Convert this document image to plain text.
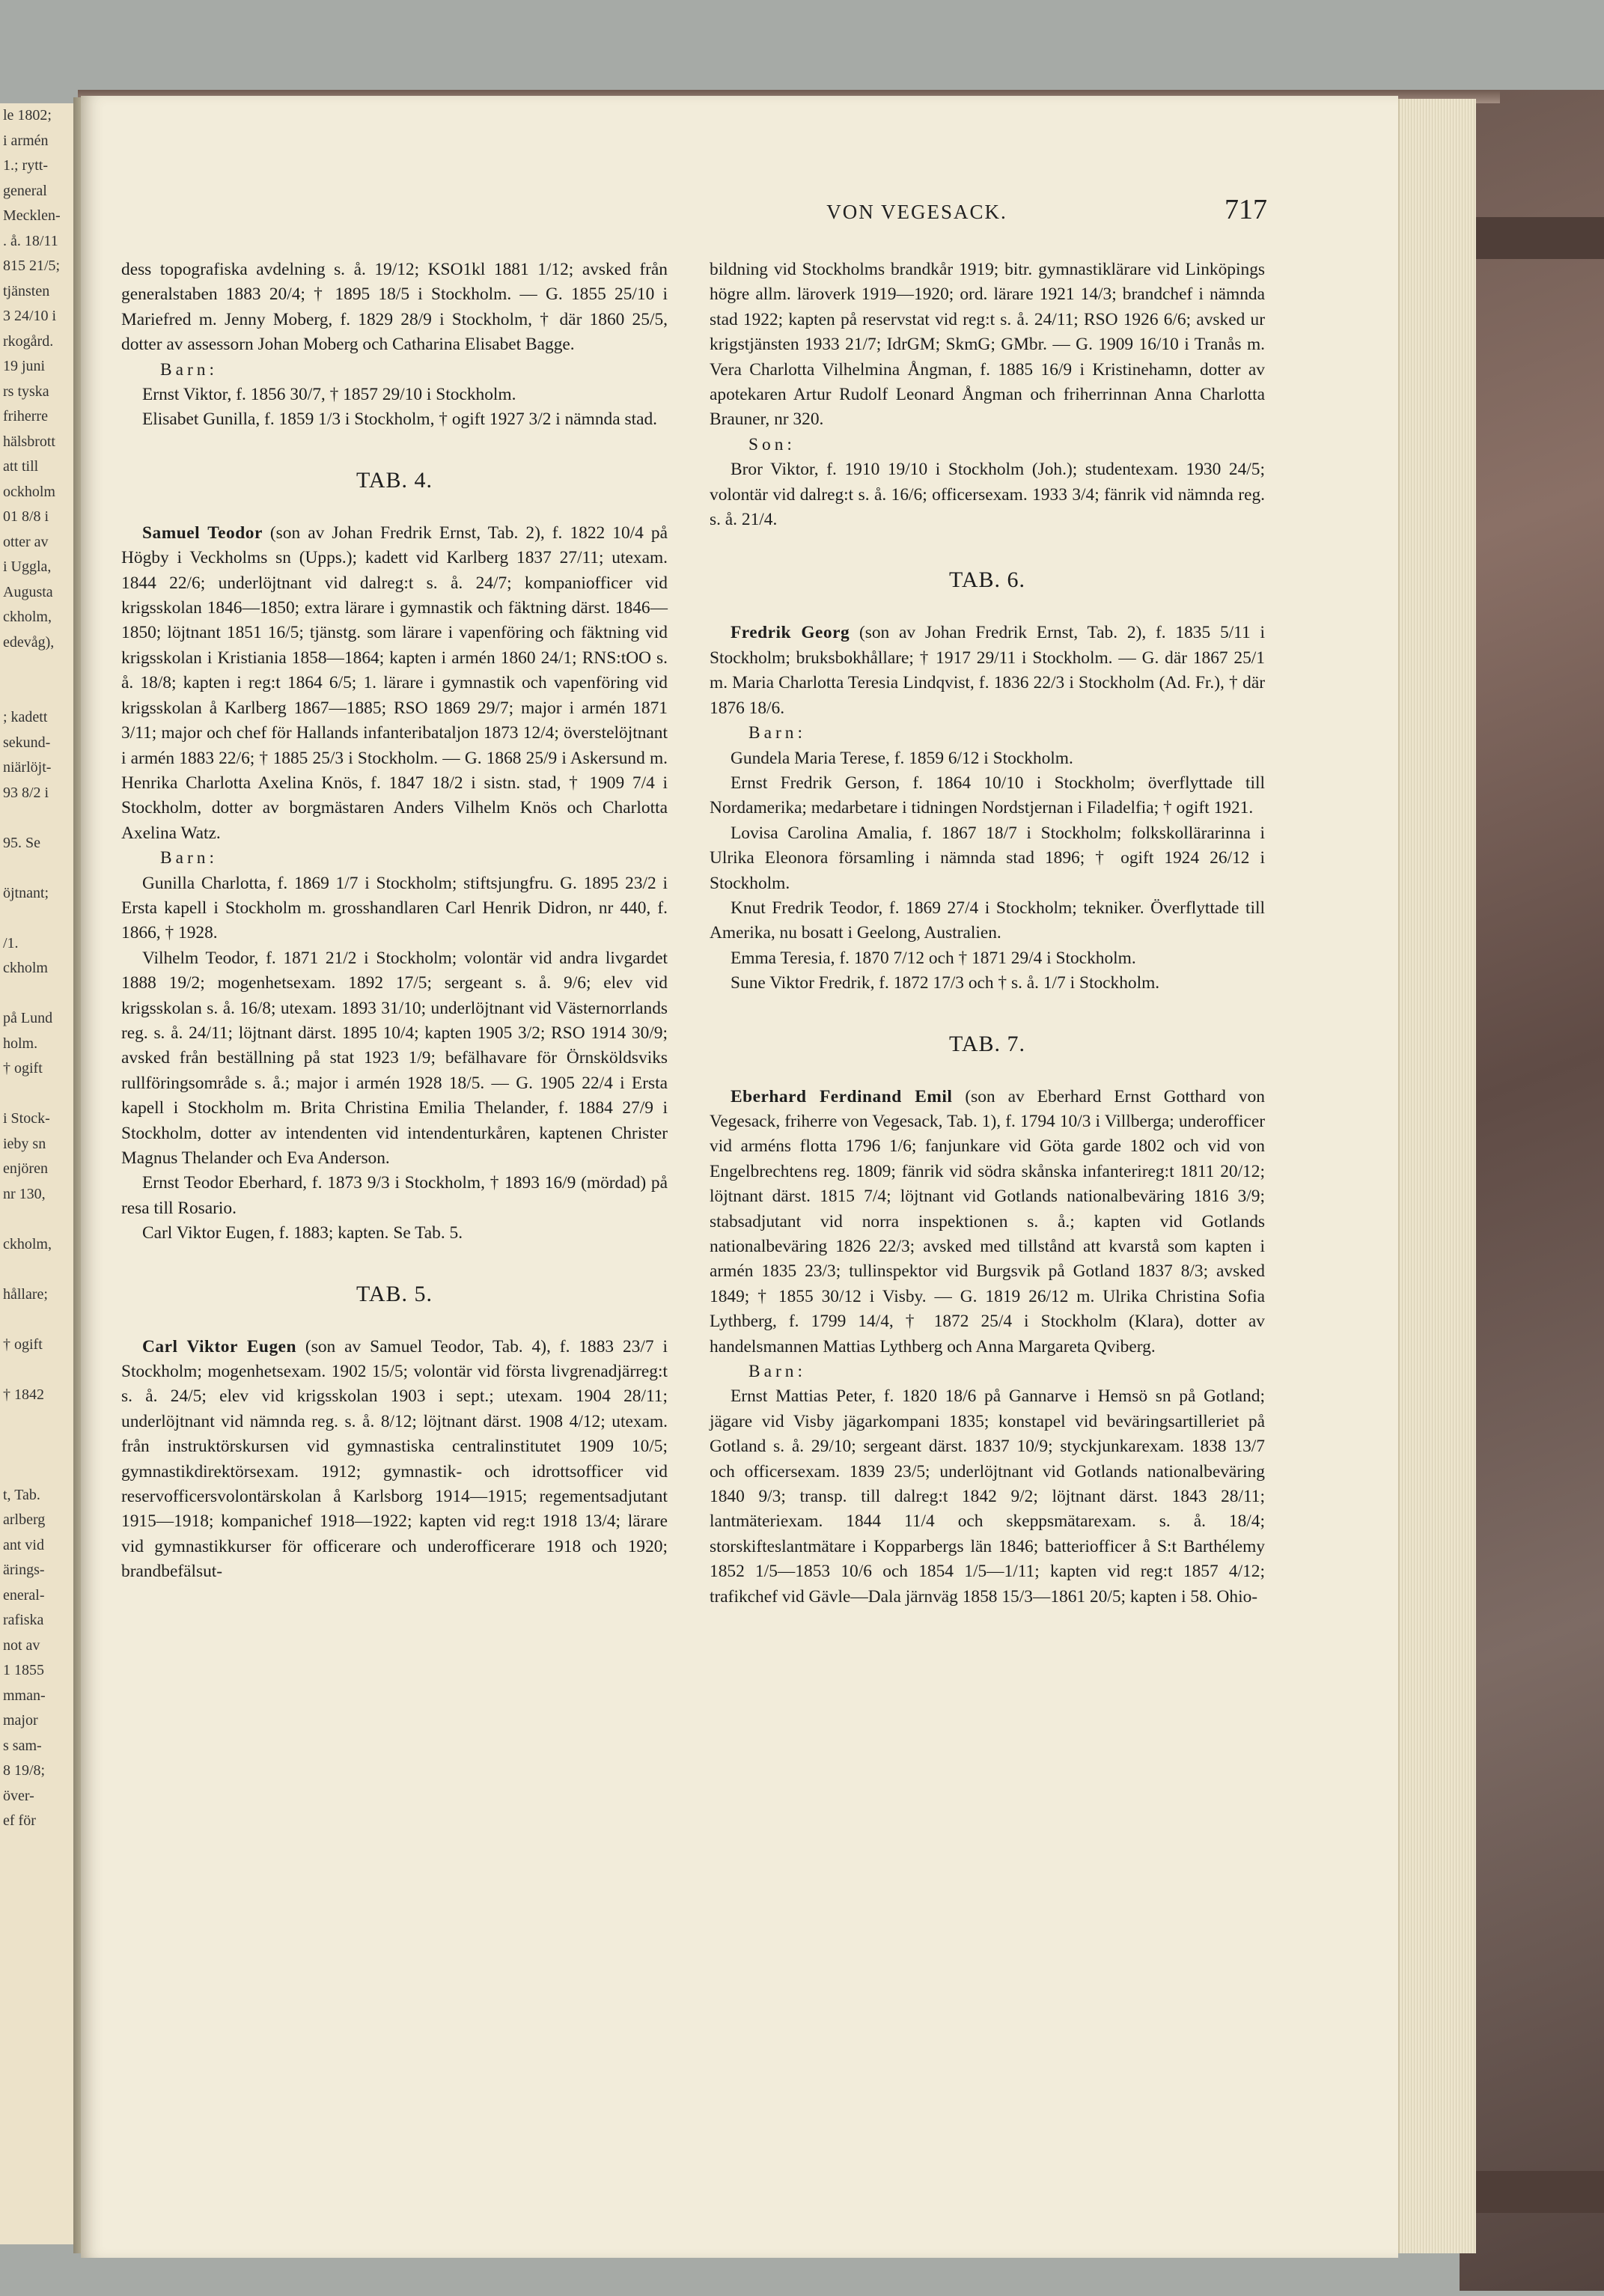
le 1802;
i armén
1.; rytt-
general
Mecklen-
. å. 18/11
815 21/5;
tjänsten
3 24/10 i
rkogård.
19 juni
rs tyska
friherre
hälsbrott
att till
ockholm
01 8/8 i
otter av
i Uggla,
Augusta
ckholm,
edevåg),

; kadett
sekund-
niärlöjt-
93 8/2 i

95. Se

öjtnant;

/1.
ckholm

på Lund
holm.
† ogift

i Stock-
ieby sn
enjören
nr 130,

ckholm,

hållare;

† ogift

† 1842

t, Tab.
arlberg
ant vid
ärings-
eneral-
rafiska
not av
1 1855
mman-
major
s sam-
8 19/8;
över-
ef för
VON VEGESACK.	717

dess topografiska avdelning s. å. 19/12; KSO1kl 1881 1/12; avsked från generalstaben 1883 20/4; † 1895 18/5 i Stockholm. — G. 1855 25/10 i Mariefred m. Jenny Moberg, f. 1829 28/9 i Stockholm, † där 1860 25/5, dotter av assessorn Johan Moberg och Catharina Elisabet Bagge.

Barn:

Ernst Viktor, f. 1856 30/7, † 1857 29/10 i Stockholm.

Elisabet Gunilla, f. 1859 1/3 i Stockholm, † ogift 1927 3/2 i nämnda stad.

TAB. 4.

Samuel Teodor (son av Johan Fredrik Ernst, Tab. 2), f. 1822 10/4 på Högby i Veckholms sn (Upps.); kadett vid Karlberg 1837 27/11; utexam. 1844 22/6; underlöjtnant vid dalreg:t s. å. 24/7; kompaniofficer vid krigsskolan 1846—1850; extra lärare i gymnastik och fäktning därst. 1846—1850; löjtnant 1851 16/5; tjänstg. som lärare i vapenföring och fäktning vid krigsskolan i Kristiania 1858—1864; kapten i armén 1860 24/1; RNS:tOO s. å. 18/8; kapten i reg:t 1864 6/5; 1. lärare i gymnastik och vapenföring vid krigsskolan å Karlberg 1867—1885; RSO 1869 29/7; major i armén 1871 3/11; major och chef för Hallands infanteribataljon 1873 12/4; överstelöjtnant i armén 1883 22/6; † 1885 25/3 i Stockholm. — G. 1868 25/9 i Askersund m. Henrika Charlotta Axelina Knös, f. 1847 18/2 i sistn. stad, † 1909 7/4 i Stockholm, dotter av borgmästaren Anders Vilhelm Knös och Charlotta Axelina Watz.

Barn:

Gunilla Charlotta, f. 1869 1/7 i Stockholm; stiftsjungfru. G. 1895 23/2 i Ersta kapell i Stockholm m. grosshandlaren Carl Henrik Didron, nr 440, f. 1866, † 1928.

Vilhelm Teodor, f. 1871 21/2 i Stockholm; volontär vid andra livgardet 1888 19/2; mogenhetsexam. 1892 17/5; sergeant s. å. 9/6; elev vid krigsskolan s. å. 16/8; utexam. 1893 31/10; underlöjtnant vid Västernorrlands reg. s. å. 24/11; löjtnant därst. 1895 10/4; kapten 1905 3/2; RSO 1914 30/9; avsked från beställning på stat 1923 1/9; befälhavare för Örnsköldsviks rullföringsområde s. å.; major i armén 1928 18/5. — G. 1905 22/4 i Ersta kapell i Stockholm m. Brita Christina Emilia Thelander, f. 1884 27/9 i Stockholm, dotter av intendenten vid intendenturkåren, kaptenen Christer Magnus Thelander och Eva Anderson.

Ernst Teodor Eberhard, f. 1873 9/3 i Stockholm, † 1893 16/9 (mördad) på resa till Rosario.

Carl Viktor Eugen, f. 1883; kapten. Se Tab. 5.

TAB. 5.

Carl Viktor Eugen (son av Samuel Teodor, Tab. 4), f. 1883 23/7 i Stockholm; mogenhetsexam. 1902 15/5; volontär vid första livgrenadjärreg:t s. å. 24/5; elev vid krigsskolan 1903 i sept.; utexam. 1904 28/11; underlöjtnant vid nämnda reg. s. å. 8/12; löjtnant därst. 1908 4/12; utexam. från instruktörskursen vid gymnastiska centralinstitutet 1909 10/5; gymnastikdirektörsexam. 1912; gymnastik- och idrottsofficer vid reservofficersvolontärskolan å Karlsborg 1914—1915; regementsadjutant 1915—1918; kompanichef 1918—1922; kapten vid reg:t 1918 13/4; lärare vid gymnastikkurser för officerare och underofficerare 1918 och 1920; brandbefälsut-

bildning vid Stockholms brandkår 1919; bitr. gymnastiklärare vid Linköpings högre allm. läroverk 1919—1920; ord. lärare 1921 14/3; brandchef i nämnda stad 1922; kapten på reservstat vid reg:t s. å. 24/11; RSO 1926 6/6; avsked ur krigstjänsten 1933 21/7; IdrGM; SkmG; GMbr. — G. 1909 16/10 i Tranås m. Vera Charlotta Vilhelmina Ångman, f. 1885 16/9 i Kristinehamn, dotter av apotekaren Artur Rudolf Leonard Ångman och friherrinnan Anna Charlotta Brauner, nr 320.

Son:

Bror Viktor, f. 1910 19/10 i Stockholm (Joh.); studentexam. 1930 24/5; volontär vid dalreg:t s. å. 16/6; officersexam. 1933 3/4; fänrik vid nämnda reg. s. å. 21/4.

TAB. 6.

Fredrik Georg (son av Johan Fredrik Ernst, Tab. 2), f. 1835 5/11 i Stockholm; bruksbokhållare; † 1917 29/11 i Stockholm. — G. där 1867 25/1 m. Maria Charlotta Teresia Lindqvist, f. 1836 22/3 i Stockholm (Ad. Fr.), † där 1876 18/6.

Barn:

Gundela Maria Terese, f. 1859 6/12 i Stockholm.

Ernst Fredrik Gerson, f. 1864 10/10 i Stockholm; överflyttade till Nordamerika; medarbetare i tidningen Nordstjernan i Filadelfia; † ogift 1921.

Lovisa Carolina Amalia, f. 1867 18/7 i Stockholm; folkskollärarinna i Ulrika Eleonora församling i nämnda stad 1896; † ogift 1924 26/12 i Stockholm.

Knut Fredrik Teodor, f. 1869 27/4 i Stockholm; tekniker. Överflyttade till Amerika, nu bosatt i Geelong, Australien.

Emma Teresia, f. 1870 7/12 och † 1871 29/4 i Stockholm.

Sune Viktor Fredrik, f. 1872 17/3 och † s. å. 1/7 i Stockholm.

TAB. 7.

Eberhard Ferdinand Emil (son av Eberhard Ernst Gotthard von Vegesack, friherre von Vegesack, Tab. 1), f. 1794 10/3 i Villberga; underofficer vid arméns flotta 1796 1/6; fanjunkare vid Göta garde 1802 och vid von Engelbrechtens reg. 1809; fänrik vid södra skånska infanterireg:t 1811 20/12; löjtnant därst. 1815 7/4; löjtnant vid Gotlands nationalbeväring 1816 3/9; stabsadjutant vid norra inspektionen s. å.; kapten vid Gotlands nationalbeväring 1826 22/3; avsked med tillstånd att kvarstå som kapten i armén 1835 23/3; tullinspektor vid Burgsvik på Gotland 1837 8/3; avsked 1849; † 1855 30/12 i Visby. — G. 1819 26/12 m. Ulrika Christina Sofia Lythberg, f. 1799 14/4, † 1872 25/4 i Stockholm (Klara), dotter av handelsmannen Mattias Lythberg och Anna Margareta Qviberg.

Barn:

Ernst Mattias Peter, f. 1820 18/6 på Gannarve i Hemsö sn på Gotland; jägare vid Visby jägarkompani 1835; konstapel vid beväringsartilleriet på Gotland s. å. 29/10; sergeant därst. 1837 10/9; styckjunkarexam. 1838 13/7 och officersexam. 1839 23/5; underlöjtnant vid Gotlands nationalbeväring 1840 9/3; transp. till dalreg:t 1842 9/2; löjtnant därst. 1843 28/11; lantmäteriexam. 1844 11/4 och skeppsmätarexam. s. å. 18/4; storskifteslantmätare i Kopparbergs län 1846; batteriofficer å S:t Barthélemy 1852 1/5—1853 10/6 och 1854 1/5—1/11; kapten vid reg:t 1857 4/12; trafikchef vid Gävle—Dala järnväg 1858 15/3—1861 20/5; kapten i 58. Ohio-
